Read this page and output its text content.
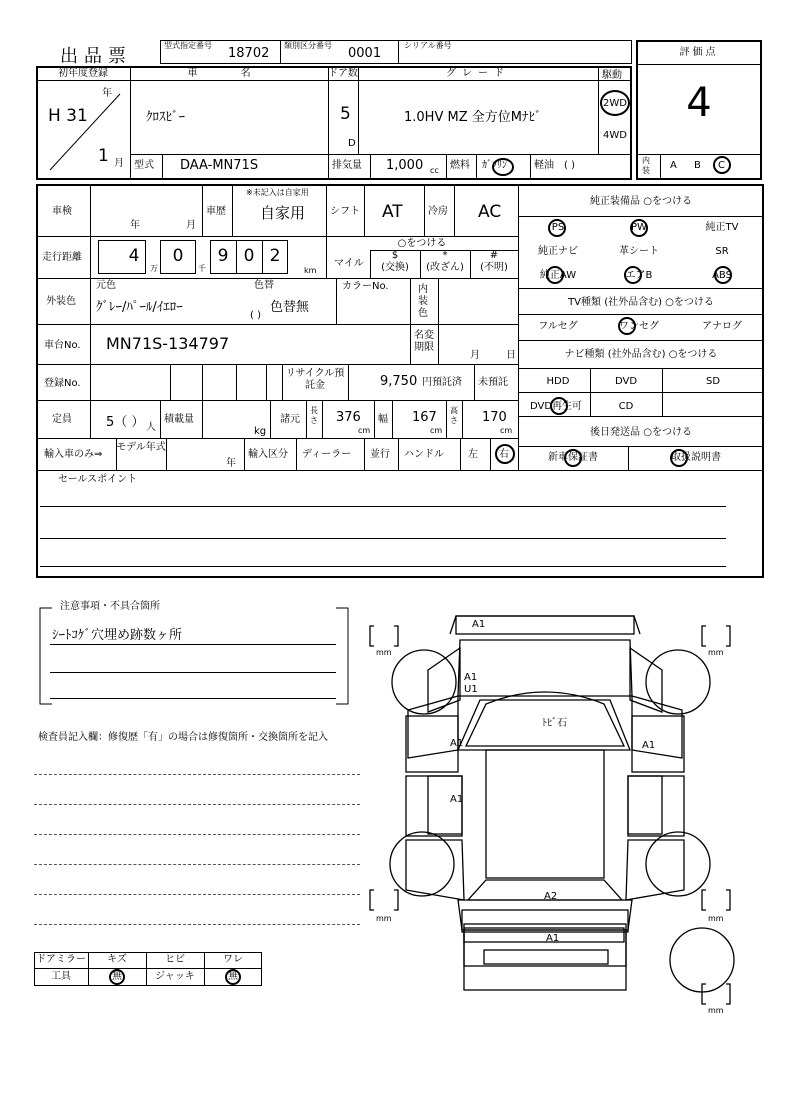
出品票
型式指定番号
18702
類別区分番号
0001
シリアル番号
評価点
4
初年度登録
H 31
年
1 月
車 名
ｸﾛｽﾋﾞｰ
ドア数
5
D
グレード
1.0HV MZ 全方位Mﾅﾋﾞ
駆動
2WD
4WD
型式 DAA-MN71S	排気量 1,000 cc 燃料 ｶﾞｿﾘﾝ	軽油 ( )	内装	A B C
車検
年	月
車歴
※未記入は自家用
自家用 シフト AT	冷房 AC
走行距離	4
万
0
千
9 0 2
km
○をつける
マイル
$
(交換)
*
(改ざん)
#
(不明)
外装色
元色
ｸﾞﾚｰ/ﾊﾟｰﾙ/ｲｴﾛｰ
色替
色替無
( )
カラーNo.	内装色
車台No. MN71S-134797	名変期限
月	日
登録No.
リサイクル預託金	9,750 円預託済 未預託
定員	5（ ） 人
積載量
kg
諸元
長さ 376
cm
幅 167
cm
高さ 170
cm
輸入車のみ⇒
モデル年式
年
輸入区分 ディーラー 並行 ハンドル 左 右
セールスポイント
純正装備品 ○をつける
PS	PW	純正TV
純正ナビ	革シート	SR
純正AW	エアB	ABS
TV種類 (社外品含む) ○をつける
フルセグ	ワンセグ	アナログ
ナビ種類 (社外品含む) ○をつける
HDD	DVD	SD
DVD再生可	CD
後日発送品 ○をつける
新車保証書	取扱説明書
注意事項・不具合箇所
ｼｰﾄｺｹﾞ穴埋め跡数ヶ所
検査員記入欄：修復歴「有」の場合は修復箇所・交換箇所を記入
ドアミラー	キズ	ヒビ	ワレ
工具	無	ジャッキ	無
A1
A1
U1
ﾄﾋﾞ石
A1
A1
A1
A2
A1
mm	mm
mm	mm
mm
